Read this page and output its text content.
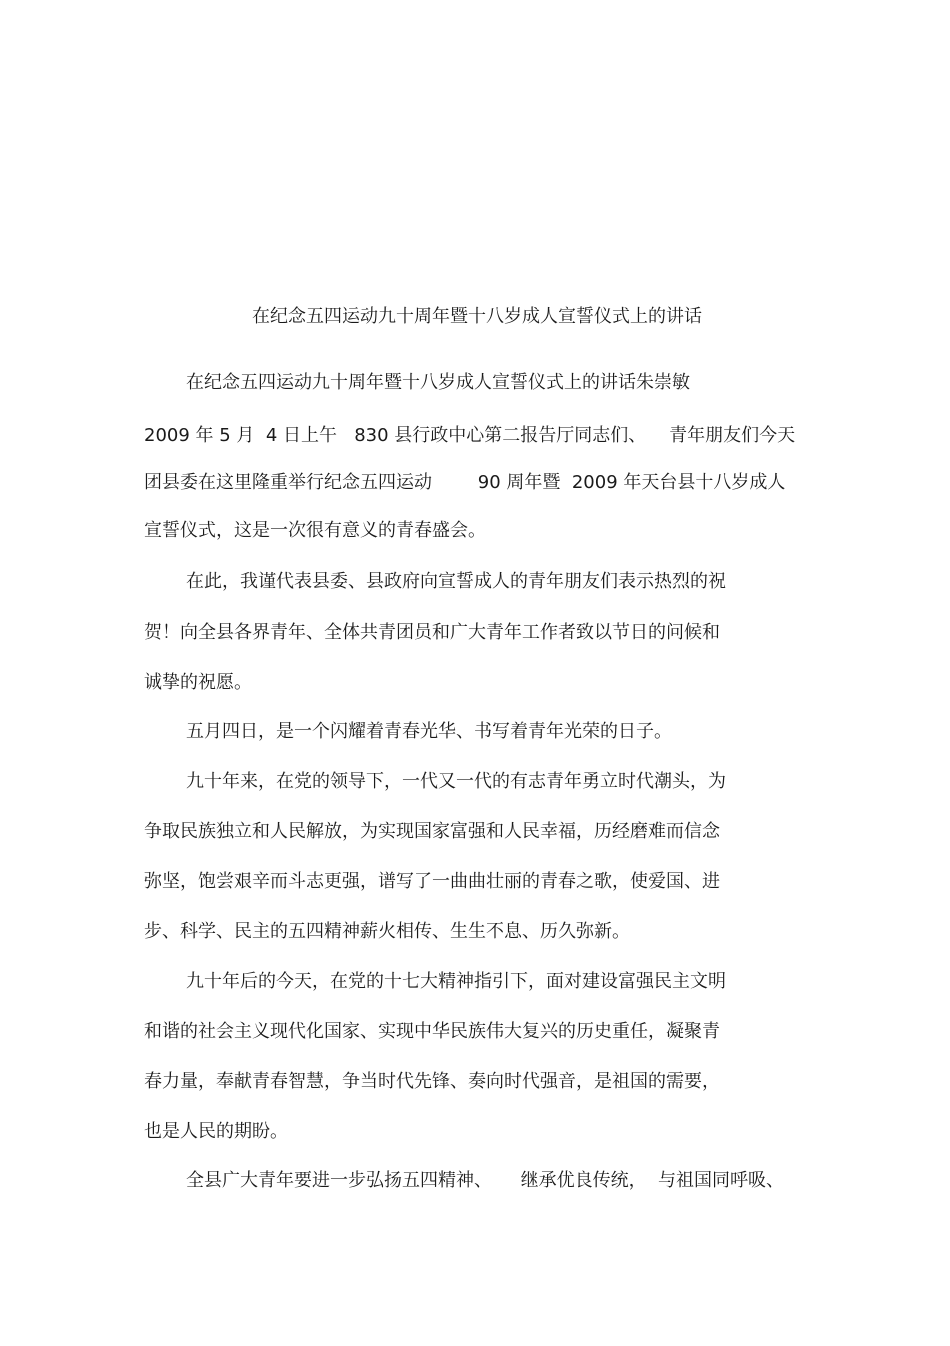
在纪念五四运动九十周年暨十八岁成人宣誓仪式上的讲话
在纪念五四运动九十周年暨十八岁成人宣誓仪式上的讲话朱崇敏
2009 年 5 月  4 日上午   830 县行政中心第二报告厅同志们、    青年朋友们今天
团县委在这里隆重举行纪念五四运动        90 周年暨  2009 年天台县十八岁成人
宣誓仪式，这是一次很有意义的青春盛会。
在此，我谨代表县委、县政府向宣誓成人的青年朋友们表示热烈的祝
贺！向全县各界青年、全体共青团员和广大青年工作者致以节日的问候和
诚挚的祝愿。
五月四日，是一个闪耀着青春光华、书写着青年光荣的日子。
九十年来，在党的领导下，一代又一代的有志青年勇立时代潮头，为
争取民族独立和人民解放，为实现国家富强和人民幸福，历经磨难而信念
弥坚，饱尝艰辛而斗志更强，谱写了一曲曲壮丽的青春之歌，使爱国、进
步、科学、民主的五四精神薪火相传、生生不息、历久弥新。
九十年后的今天，在党的十七大精神指引下，面对建设富强民主文明
和谐的社会主义现代化国家、实现中华民族伟大复兴的历史重任，凝聚青
春力量，奉献青春智慧，争当时代先锋、奏向时代强音，是祖国的需要，
也是人民的期盼。
全县广大青年要进一步弘扬五四精神、     继承优良传统，  与祖国同呼吸、
